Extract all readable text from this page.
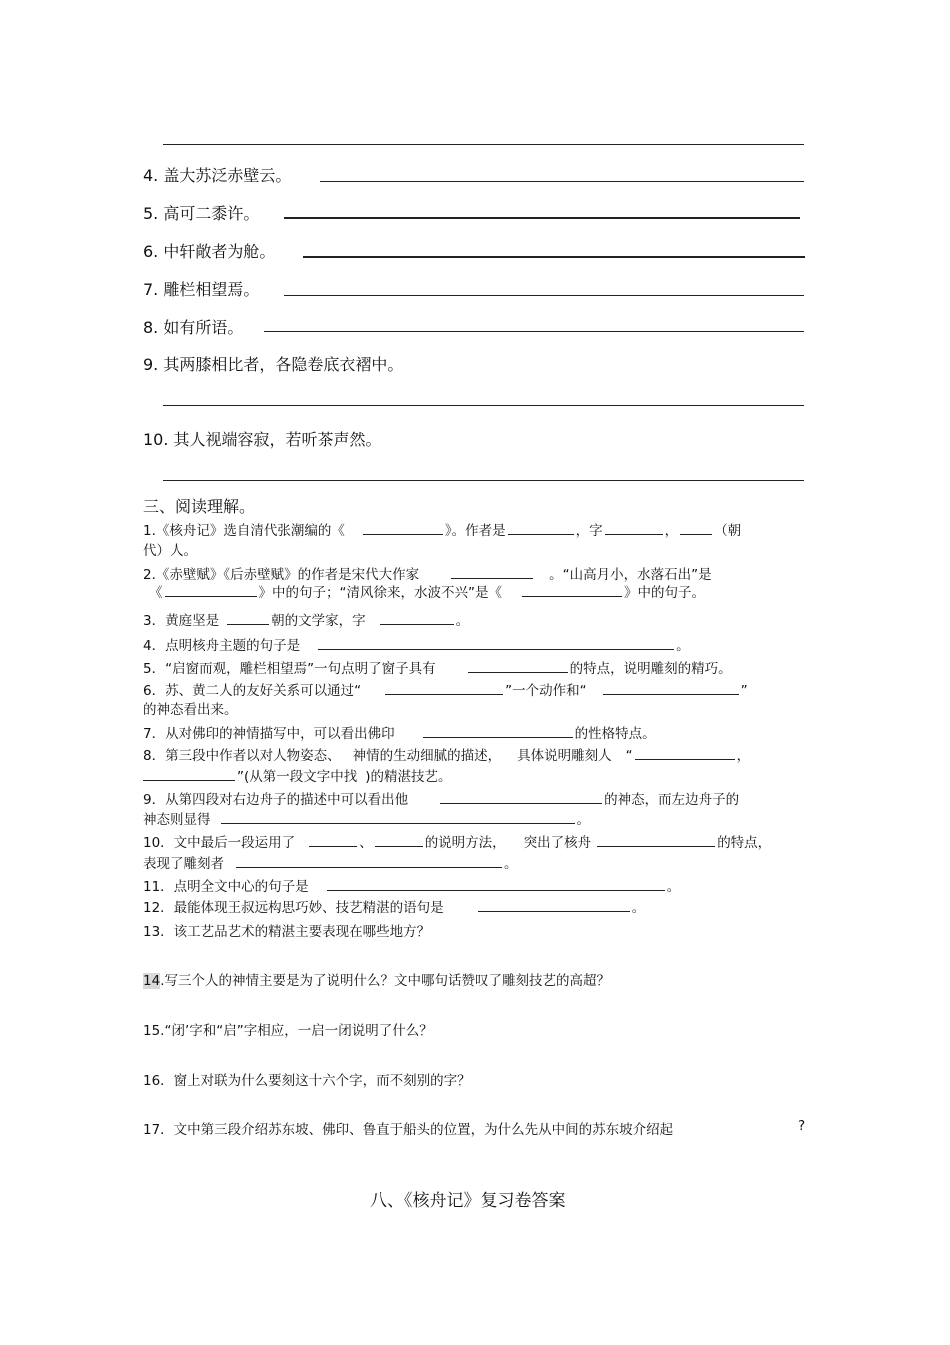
4. 盖大苏泛赤壁云。
5. 高可二黍许。
6. 中轩敞者为舱。
7. 雕栏相望焉。
8. 如有所语。
9. 其两膝相比者，各隐卷底衣褶中。
10. 其人视端容寂，若听茶声然。
三、阅读理解。
1.《核舟记》选自清代张潮编的《	》。作者是	，字	，	（朝
代）人。
2.《赤壁赋》《后赤壁赋》的作者是宋代大作家	。“山高月小，水落石出”是
《	》中的句子；“清风徐来，水波不兴”是《	》中的句子。
3．黄庭坚是	朝的文学家，字	。
4．点明核舟主题的句子是	。
5．“启窗而观，雕栏相望焉”一句点明了窗子具有	的特点，说明雕刻的精巧。
6．苏、黄二人的友好关系可以通过“	”一个动作和“	”
的神态看出来。
7．从对佛印的神情描写中，可以看出佛印	的性格特点。
8．第三段中作者以对人物姿态、 神情的生动细腻的描述， 具体说明雕刻人 “	，
”(从第一段文字中找 )的精湛技艺。
9．从第四段对右边舟子的描述中可以看出他	的神态，而左边舟子的
神态则显得	。
10．文中最后一段运用了	、	的说明方法， 突出了核舟	的特点，
表现了雕刻者	。
11．点明全文中心的句子是	。
12．最能体现王叔远构思巧妙、技艺精湛的语句是	。
13．该工艺品艺术的精湛主要表现在哪些地方？
14.写三个人的神情主要是为了说明什么？文中哪句话赞叹了雕刻技艺的高超？
15.“闭’字和“启”字相应，一启一闭说明了什么？
16．窗上对联为什么要刻这十六个字，而不刻别的字？
17．文中第三段介绍苏东坡、佛印、鲁直于船头的位置，为什么先从中间的苏东坡介绍起	?
八、《核舟记》复习卷答案
